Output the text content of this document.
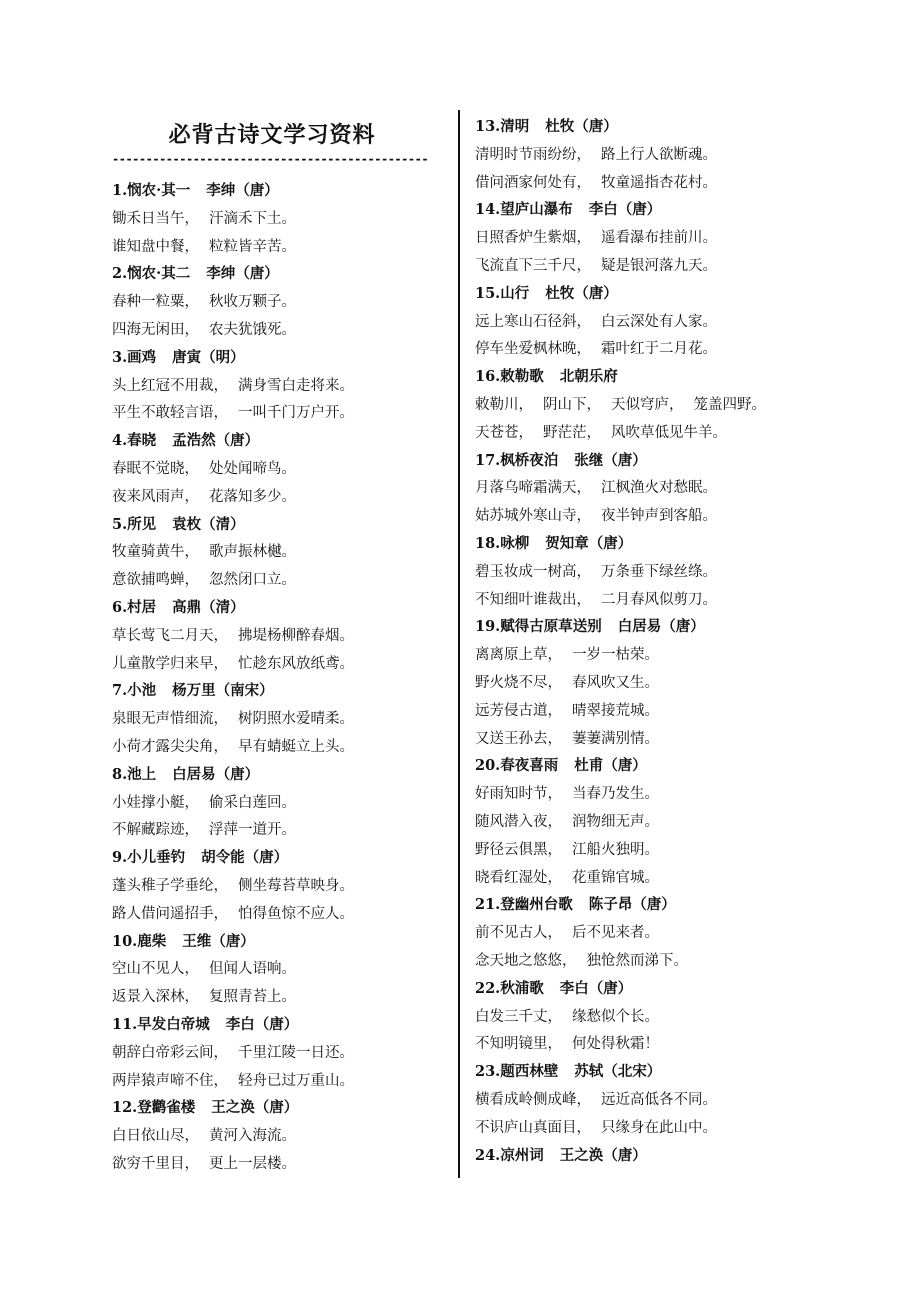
必背古诗文学习资料
-----------------------------------------------
1.悯农·其一 李绅（唐）
锄禾日当午， 汗滴禾下土。
谁知盘中餐， 粒粒皆辛苦。
2.悯农·其二 李绅（唐）
春种一粒粟， 秋收万颗子。
四海无闲田， 农夫犹饿死。
3.画鸡 唐寅（明）
头上红冠不用裁， 满身雪白走将来。
平生不敢轻言语， 一叫千门万户开。
4.春晓 孟浩然（唐）
春眠不觉晓， 处处闻啼鸟。
夜来风雨声， 花落知多少。
5.所见 袁枚（清）
牧童骑黄牛， 歌声振林樾。
意欲捕鸣蝉， 忽然闭口立。
6.村居 高鼎（清）
草长莺飞二月天， 拂堤杨柳醉春烟。
儿童散学归来早， 忙趁东风放纸鸢。
7.小池 杨万里（南宋）
泉眼无声惜细流， 树阴照水爱晴柔。
小荷才露尖尖角， 早有蜻蜓立上头。
8.池上 白居易（唐）
小娃撑小艇， 偷采白莲回。
不解藏踪迹， 浮萍一道开。
9.小儿垂钓 胡令能（唐）
蓬头稚子学垂纶， 侧坐莓苔草映身。
路人借问遥招手， 怕得鱼惊不应人。
10.鹿柴 王维（唐）
空山不见人， 但闻人语响。
返景入深林， 复照青苔上。
11.早发白帝城 李白（唐）
朝辞白帝彩云间， 千里江陵一日还。
两岸猿声啼不住， 轻舟已过万重山。
12.登鹳雀楼 王之涣（唐）
白日依山尽， 黄河入海流。
欲穷千里目， 更上一层楼。
13.清明 杜牧（唐）
清明时节雨纷纷， 路上行人欲断魂。
借问酒家何处有， 牧童遥指杏花村。
14.望庐山瀑布 李白（唐）
日照香炉生紫烟， 遥看瀑布挂前川。
飞流直下三千尺， 疑是银河落九天。
15.山行 杜牧（唐）
远上寒山石径斜， 白云深处有人家。
停车坐爱枫林晚， 霜叶红于二月花。
16.敕勒歌 北朝乐府
敕勒川， 阴山下， 天似穹庐， 笼盖四野。
天苍苍， 野茫茫， 风吹草低见牛羊。
17.枫桥夜泊 张继（唐）
月落乌啼霜满天， 江枫渔火对愁眠。
姑苏城外寒山寺， 夜半钟声到客船。
18.咏柳 贺知章（唐）
碧玉妆成一树高， 万条垂下绿丝绦。
不知细叶谁裁出， 二月春风似剪刀。
19.赋得古原草送别 白居易（唐）
离离原上草， 一岁一枯荣。
野火烧不尽， 春风吹又生。
远芳侵古道， 晴翠接荒城。
又送王孙去， 萋萋满别情。
20.春夜喜雨 杜甫（唐）
好雨知时节， 当春乃发生。
随风潜入夜， 润物细无声。
野径云俱黑， 江船火独明。
晓看红湿处， 花重锦官城。
21.登幽州台歌 陈子昂（唐）
前不见古人， 后不见来者。
念天地之悠悠， 独怆然而涕下。
22.秋浦歌 李白（唐）
白发三千丈， 缘愁似个长。
不知明镜里， 何处得秋霜！
23.题西林壁 苏轼（北宋）
横看成岭侧成峰， 远近高低各不同。
不识庐山真面目， 只缘身在此山中。
24.凉州词 王之涣（唐）
